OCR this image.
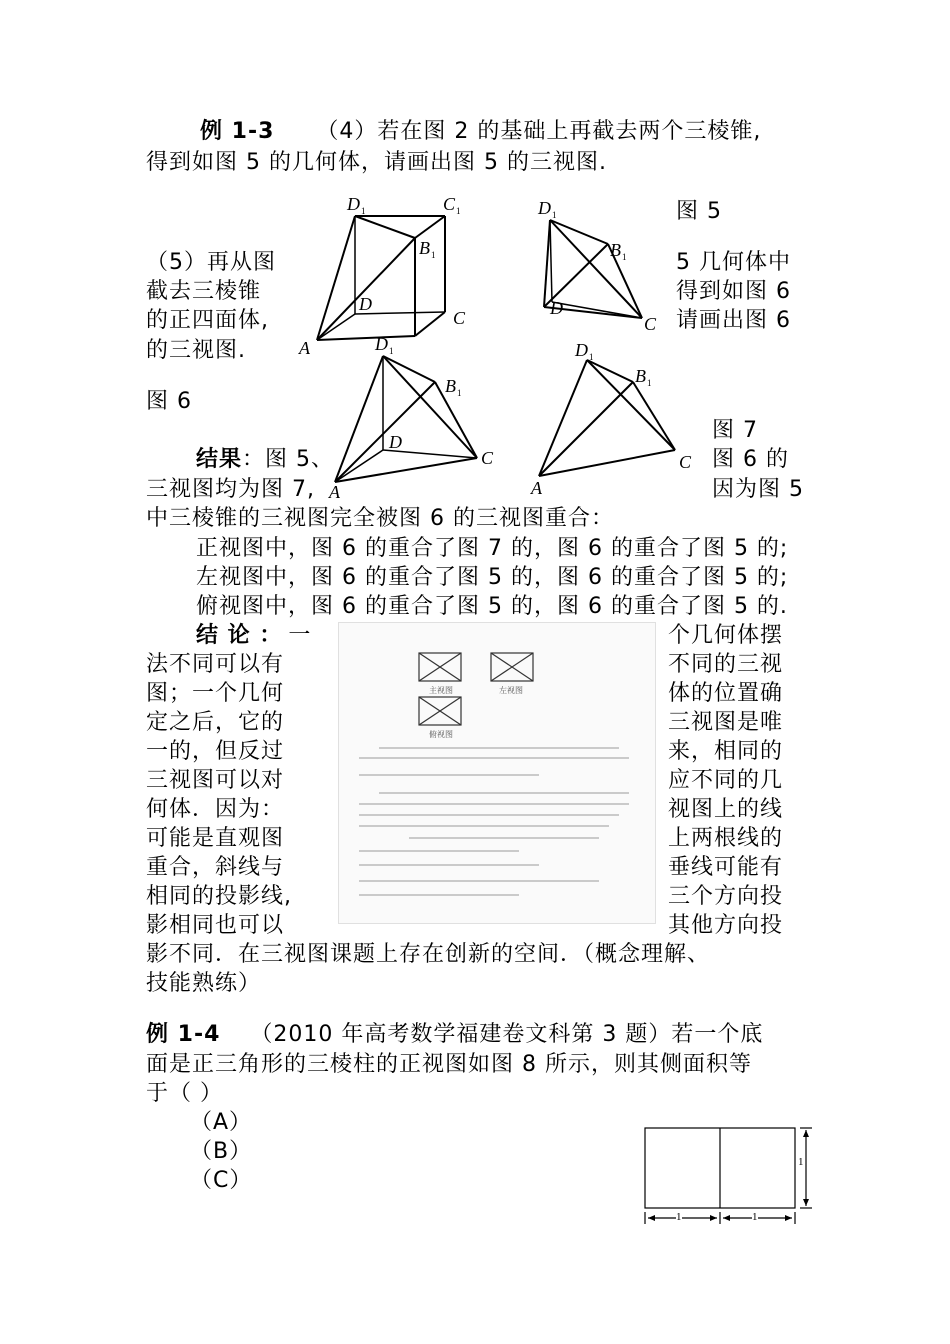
例 1-3 （4）若在图 2 的基础上再截去两个三棱锥,
得到如图 5 的几何体，请画出图 5 的三视图.
D 1	C 1
B 1
D
C
A
D 1
B 1
D
C
图 5
（5）再从图
截去三棱锥
的正四面体,
的三视图.
5 几何体中
得到如图 6
请画出图 6
D 1
B 1
D
C
A
D 1
B 1
C
A
图 6
图 7
结果：图 5、
三视图均为图 7,
图 6 的
因为图 5
中三棱锥的三视图完全被图 6 的三视图重合：
正视图中，图 6 的重合了图 7 的，图 6 的重合了图 5 的;
左视图中，图 6 的重合了图 5 的，图 6 的重合了图 5 的;
俯视图中，图 6 的重合了图 5 的，图 6 的重合了图 5 的.
结 论 ： 一
法不同可以有
图；一个几何
定之后，它的
一的，但反过
三视图可以对
何体．因为：
可能是直观图
重合，斜线与
相同的投影线,
影相同也可以
个几何体摆
不同的三视
体的位置确
三视图是唯
来，相同的
应不同的几
视图上的线
上两根线的
垂线可能有
三个方向投
其他方向投
影不同．在三视图课题上存在创新的空间．（概念理解、
技能熟练）
主视图	左视图
俯视图
例 1-4 （2010 年高考数学福建卷文科第 3 题）若一个底
面是正三角形的三棱柱的正视图如图 8 所示，则其侧面积等
于（ ）
（A）
（B）
（C）
1
1	1
